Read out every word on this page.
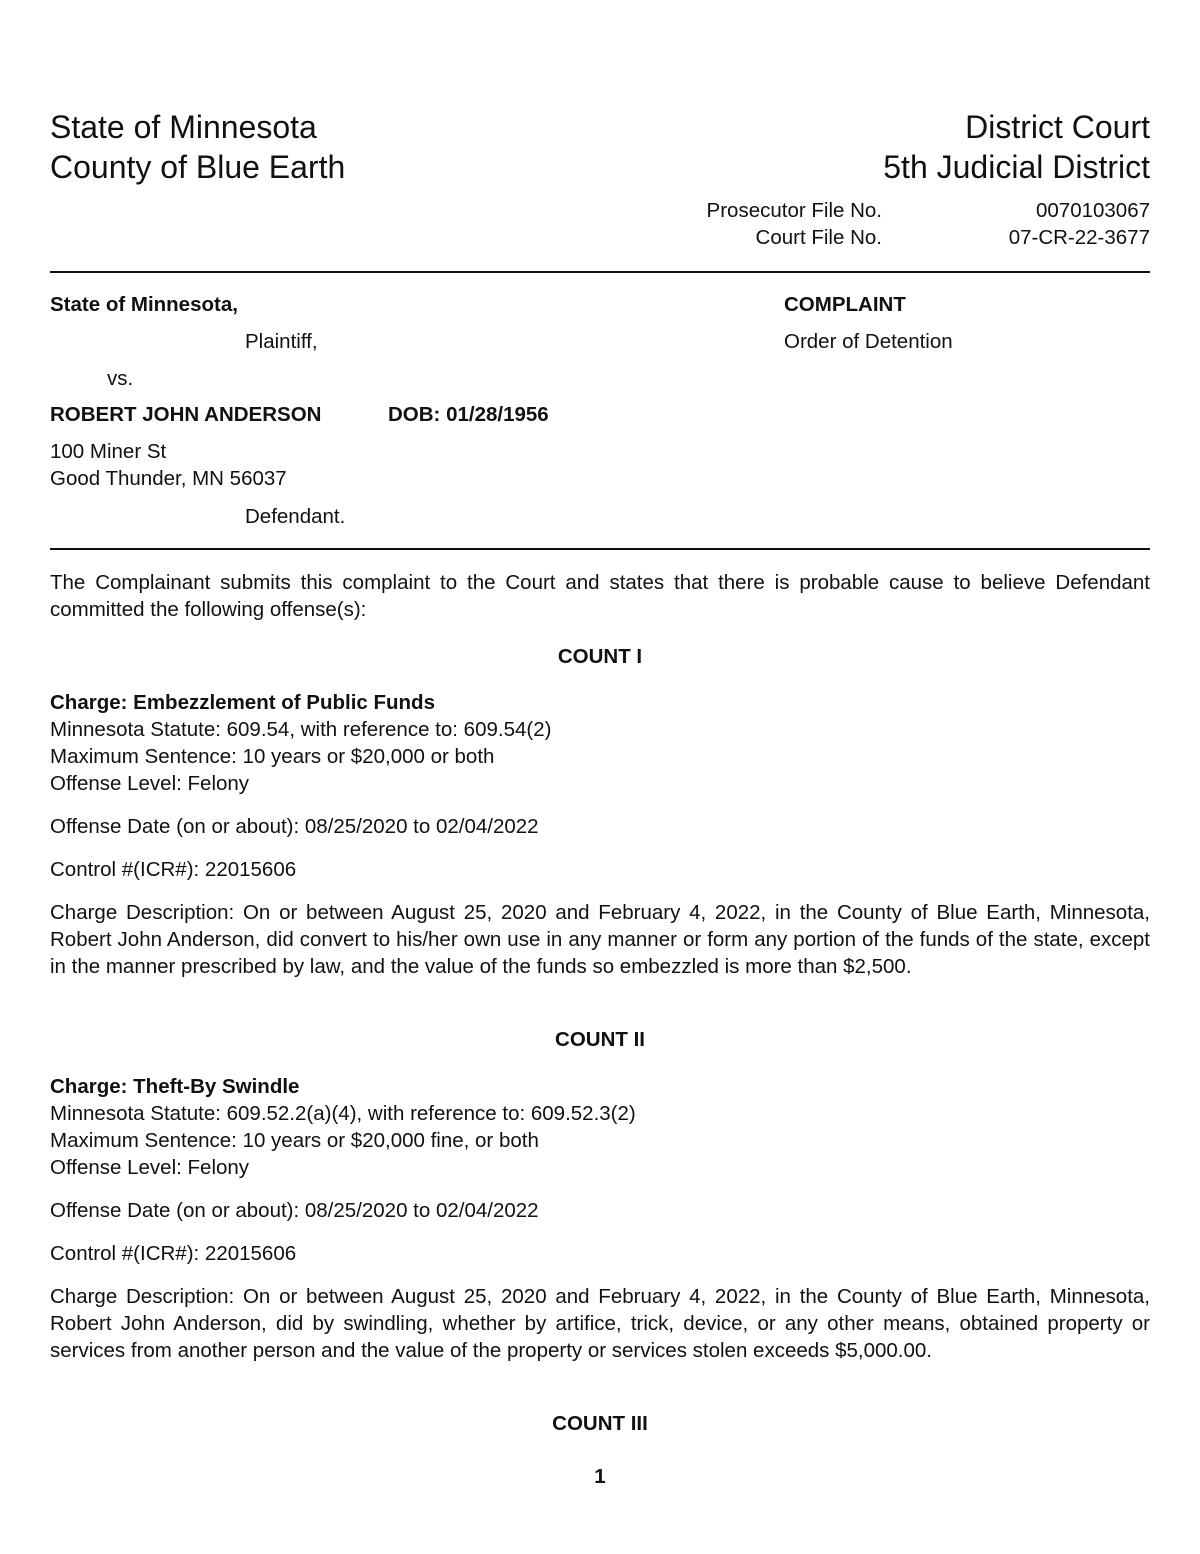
State of Minnesota
County of Blue Earth
District Court
5th Judicial District
Prosecutor File No.	0070103067
Court File No.	07-CR-22-3677
State of Minnesota,
Plaintiff,
vs.
ROBERT JOHN ANDERSON	DOB: 01/28/1956
100 Miner St
Good Thunder, MN 56037
Defendant.
COMPLAINT
Order of Detention
The Complainant submits this complaint to the Court and states that there is probable cause to believe Defendant committed the following offense(s):
COUNT I
Charge: Embezzlement of Public Funds
Minnesota Statute: 609.54, with reference to: 609.54(2)
Maximum Sentence: 10 years or $20,000 or both
Offense Level: Felony
Offense Date (on or about): 08/25/2020 to 02/04/2022
Control #(ICR#): 22015606
Charge Description: On or between August 25, 2020 and February 4, 2022, in the County of Blue Earth, Minnesota, Robert John Anderson, did convert to his/her own use in any manner or form any portion of the funds of the state, except in the manner prescribed by law, and the value of the funds so embezzled is more than $2,500.
COUNT II
Charge: Theft-By Swindle
Minnesota Statute: 609.52.2(a)(4), with reference to: 609.52.3(2)
Maximum Sentence: 10 years or $20,000 fine, or both
Offense Level: Felony
Offense Date (on or about): 08/25/2020 to 02/04/2022
Control #(ICR#): 22015606
Charge Description: On or between August 25, 2020 and February 4, 2022, in the County of Blue Earth, Minnesota, Robert John Anderson, did by swindling, whether by artifice, trick, device, or any other means, obtained property or services from another person and the value of the property or services stolen exceeds $5,000.00.
COUNT III
1
